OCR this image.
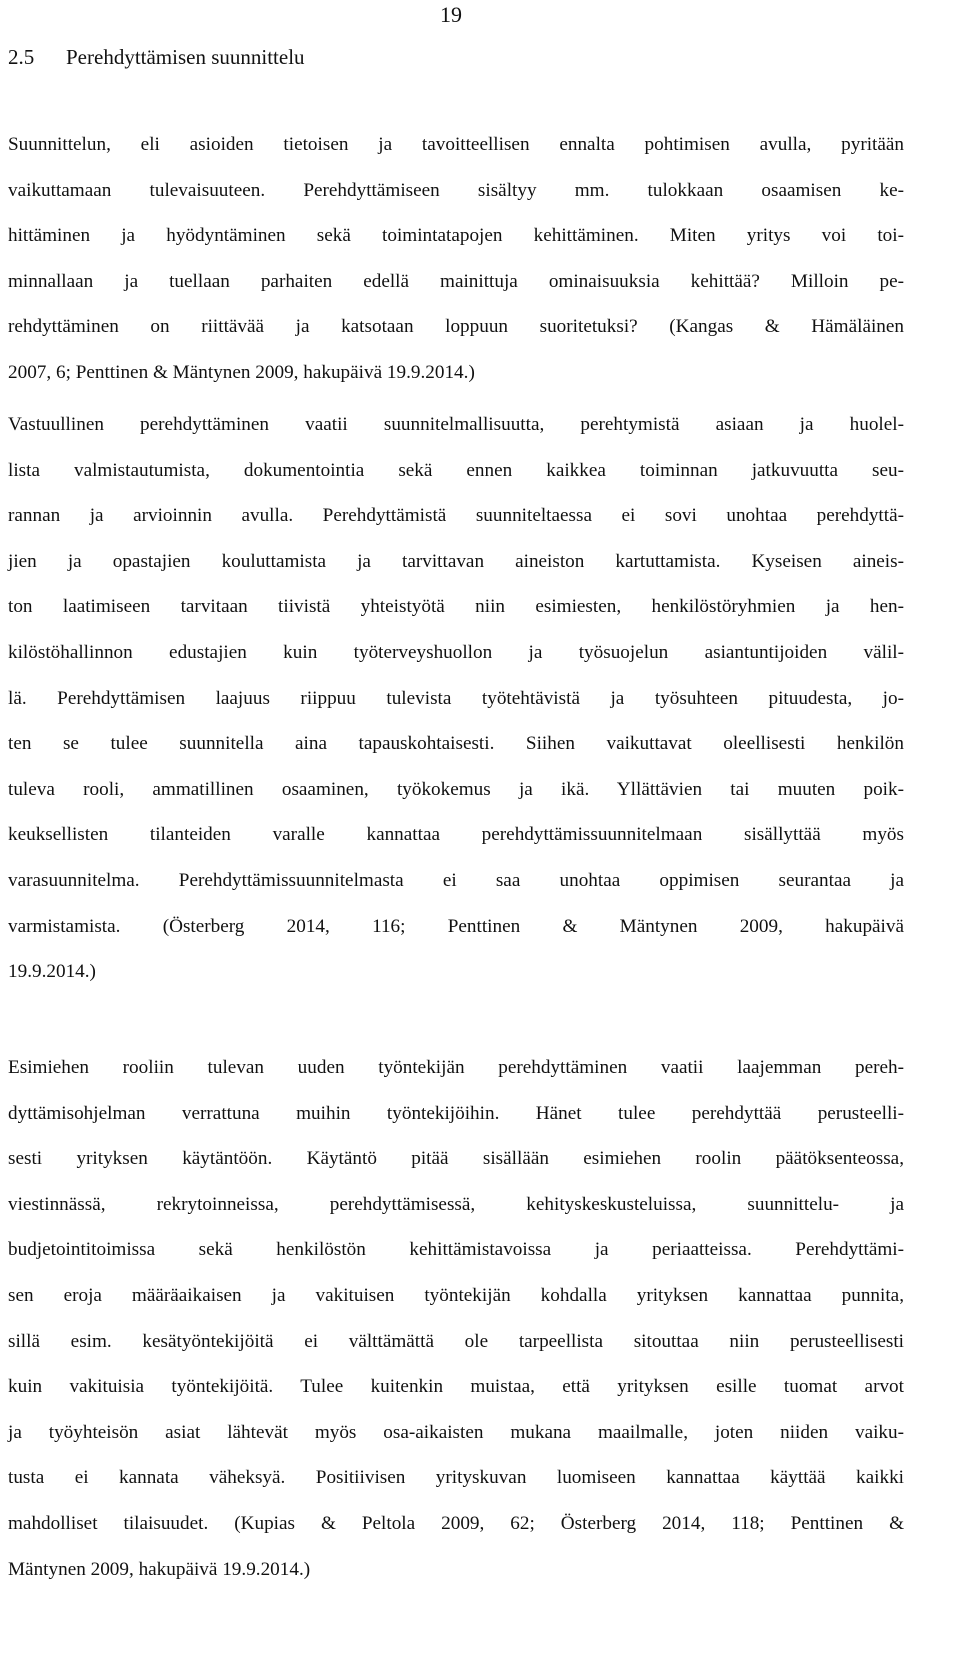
19
2.5 Perehdyttämisen suunnittelu
Suunnittelun, eli asioiden tietoisen ja tavoitteellisen ennalta pohtimisen avulla, pyritään
vaikuttamaan tulevaisuuteen. Perehdyttämiseen sisältyy mm. tulokkaan osaamisen ke-
hittäminen ja hyödyntäminen sekä toimintatapojen kehittäminen. Miten yritys voi toi-
minnallaan ja tuellaan parhaiten edellä mainittuja ominaisuuksia kehittää? Milloin pe-
rehdyttäminen on riittävää ja katsotaan loppuun suoritetuksi? (Kangas & Hämäläinen
2007, 6; Penttinen & Mäntynen 2009, hakupäivä 19.9.2014.)
Vastuullinen perehdyttäminen vaatii suunnitelmallisuutta, perehtymistä asiaan ja huolel-
lista valmistautumista, dokumentointia sekä ennen kaikkea toiminnan jatkuvuutta seu-
rannan ja arvioinnin avulla. Perehdyttämistä suunniteltaessa ei sovi unohtaa perehdyttä-
jien ja opastajien kouluttamista ja tarvittavan aineiston kartuttamista. Kyseisen aineis-
ton laatimiseen tarvitaan tiivistä yhteistyötä niin esimiesten, henkilöstöryhmien ja hen-
kilöstöhallinnon edustajien kuin työterveyshuollon ja työsuojelun asiantuntijoiden välil-
lä. Perehdyttämisen laajuus riippuu tulevista työtehtävistä ja työsuhteen pituudesta, jo-
ten se tulee suunnitella aina tapauskohtaisesti. Siihen vaikuttavat oleellisesti henkilön
tuleva rooli, ammatillinen osaaminen, työkokemus ja ikä. Yllättävien tai muuten poik-
keuksellisten tilanteiden varalle kannattaa perehdyttämissuunnitelmaan sisällyttää myös
varasuunnitelma. Perehdyttämissuunnitelmasta ei saa unohtaa oppimisen seurantaa ja
varmistamista. (Österberg 2014, 116; Penttinen & Mäntynen 2009, hakupäivä
19.9.2014.)
Esimiehen rooliin tulevan uuden työntekijän perehdyttäminen vaatii laajemman pereh-
dyttämisohjelman verrattuna muihin työntekijöihin. Hänet tulee perehdyttää perusteelli-
sesti yrityksen käytäntöön. Käytäntö pitää sisällään esimiehen roolin päätöksenteossa,
viestinnässä, rekrytoinneissa, perehdyttämisessä, kehityskeskusteluissa, suunnittelu- ja
budjetointitoimissa sekä henkilöstön kehittämistavoissa ja periaatteissa. Perehdyttämi-
sen eroja määräaikaisen ja vakituisen työntekijän kohdalla yrityksen kannattaa punnita,
sillä esim. kesätyöntekijöitä ei välttämättä ole tarpeellista sitouttaa niin perusteellisesti
kuin vakituisia työntekijöitä. Tulee kuitenkin muistaa, että yrityksen esille tuomat arvot
ja työyhteisön asiat lähtevät myös osa-aikaisten mukana maailmalle, joten niiden vaiku-
tusta ei kannata väheksyä. Positiivisen yrityskuvan luomiseen kannattaa käyttää kaikki
mahdolliset tilaisuudet. (Kupias & Peltola 2009, 62; Österberg 2014, 118; Penttinen &
Mäntynen 2009, hakupäivä 19.9.2014.)
